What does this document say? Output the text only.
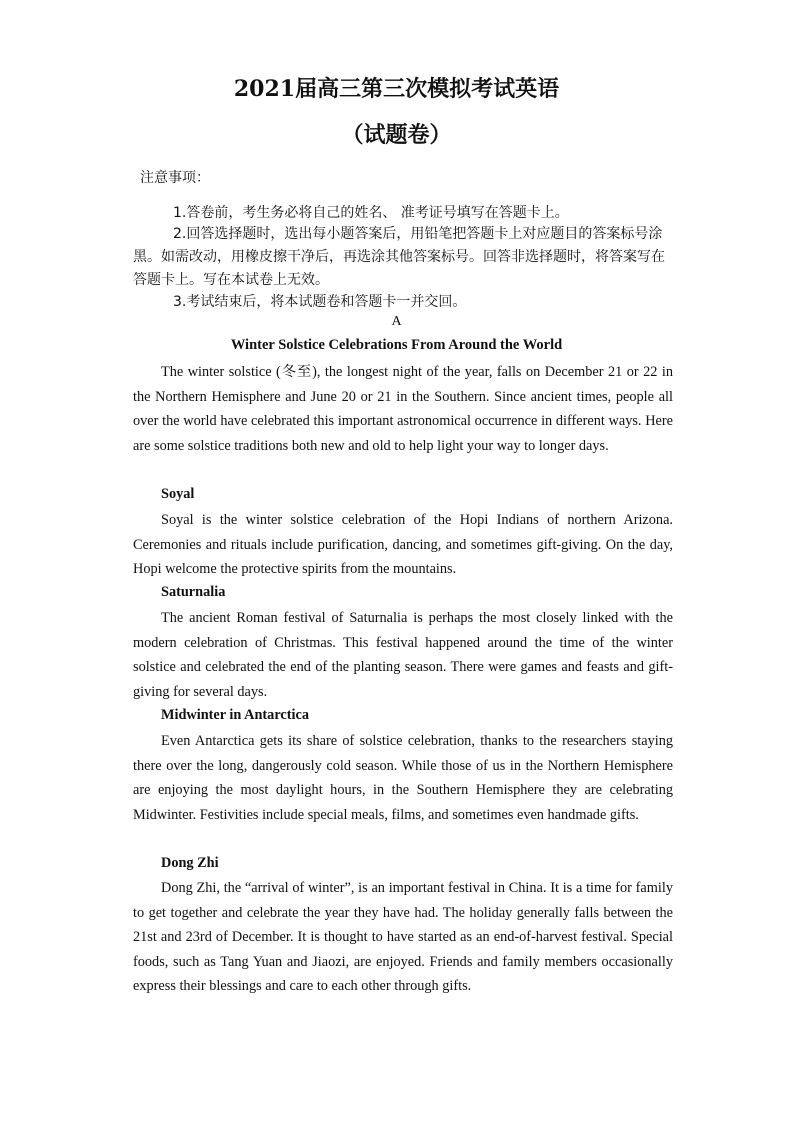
2021届高三第三次模拟考试英语
（试题卷）
注意事项：

1.答卷前，考生务必将自己的姓名、 准考证号填写在答题卡上。

2.回答选择题时，选出每小题答案后，用铅笔把答题卡上对应题目的答案标号涂黑。如需改动，用橡皮擦干净后，再选涂其他答案标号。回答非选择题时，将答案写在答题卡上。写在本试卷上无效。

3.考试结束后，将本试题卷和答题卡一并交回。

A
Winter Solstice Celebrations From Around the World

The winter solstice (冬至), the longest night of the year, falls on December 21 or 22 in the Northern Hemisphere and June 20 or 21 in the Southern. Since ancient times, people all over the world have celebrated this important astronomical occurrence in different ways. Here are some solstice traditions both new and old to help light your way to longer days.

Soyal

Soyal is the winter solstice celebration of the Hopi Indians of northern Arizona. Ceremonies and rituals include purification, dancing, and sometimes gift-giving. On the day, Hopi welcome the protective spirits from the mountains.

Saturnalia

The ancient Roman festival of Saturnalia is perhaps the most closely linked with the modern celebration of Christmas. This festival happened around the time of the winter solstice and celebrated the end of the planting season. There were games and feasts and gift-giving for several days.

Midwinter in Antarctica

Even Antarctica gets its share of solstice celebration, thanks to the researchers staying there over the long, dangerously cold season. While those of us in the Northern Hemisphere are enjoying the most daylight hours, in the Southern Hemisphere they are celebrating Midwinter. Festivities include special meals, films, and sometimes even handmade gifts.

Dong Zhi

Dong Zhi, the “arrival of winter”, is an important festival in China. It is a time for family to get together and celebrate the year they have had. The holiday generally falls between the 21st and 23rd of December. It is thought to have started as an end-of-harvest festival. Special foods, such as Tang Yuan and Jiaozi, are enjoyed. Friends and family members occasionally express their blessings and care to each other through gifts.
